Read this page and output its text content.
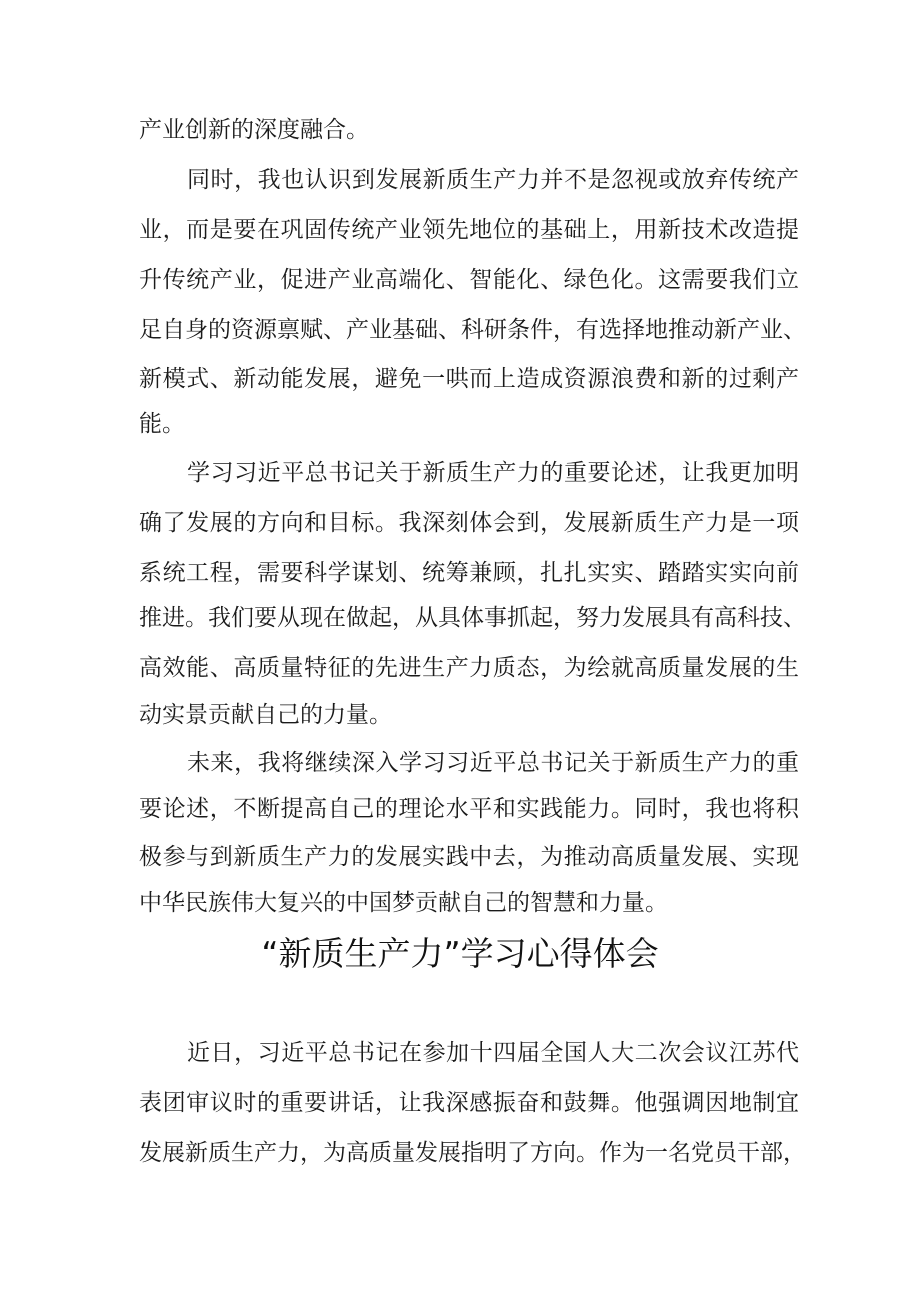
产业创新的深度融合。
同时，我也认识到发展新质生产力并不是忽视或放弃传统产
业，而是要在巩固传统产业领先地位的基础上，用新技术改造提
升传统产业，促进产业高端化、智能化、绿色化。这需要我们立
足自身的资源禀赋、产业基础、科研条件，有选择地推动新产业、
新模式、新动能发展，避免一哄而上造成资源浪费和新的过剩产
能。
学习习近平总书记关于新质生产力的重要论述，让我更加明
确了发展的方向和目标。我深刻体会到，发展新质生产力是一项
系统工程，需要科学谋划、统筹兼顾，扎扎实实、踏踏实实向前
推进。我们要从现在做起，从具体事抓起，努力发展具有高科技、
高效能、高质量特征的先进生产力质态，为绘就高质量发展的生
动实景贡献自己的力量。
未来，我将继续深入学习习近平总书记关于新质生产力的重
要论述，不断提高自己的理论水平和实践能力。同时，我也将积
极参与到新质生产力的发展实践中去，为推动高质量发展、实现
中华民族伟大复兴的中国梦贡献自己的智慧和力量。
“新质生产力”学习心得体会
近日，习近平总书记在参加十四届全国人大二次会议江苏代
表团审议时的重要讲话，让我深感振奋和鼓舞。他强调因地制宜
发展新质生产力，为高质量发展指明了方向。作为一名党员干部，
